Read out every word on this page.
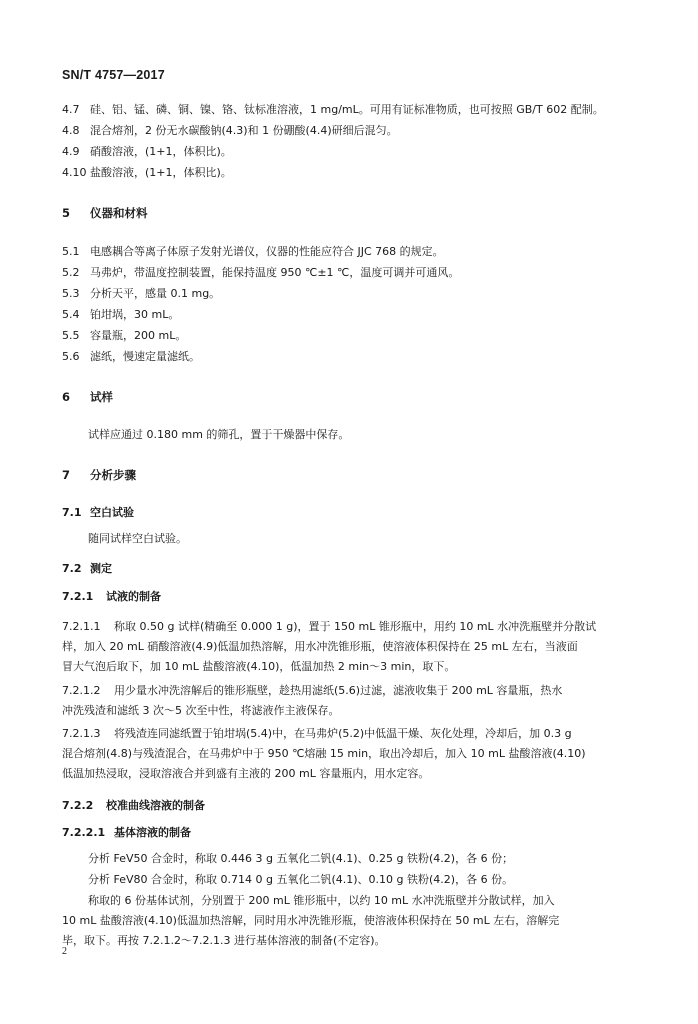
SN/T 4757—2017
4.7 硅、铝、锰、磷、铜、镍、铬、钛标准溶液，1 mg/mL。可用有证标准物质，也可按照 GB/T 602 配制。
4.8 混合熔剂，2 份无水碳酸钠(4.3)和 1 份硼酸(4.4)研细后混匀。
4.9 硝酸溶液，(1+1，体积比)。
4.10 盐酸溶液，(1+1，体积比)。
5 仪器和材料
5.1 电感耦合等离子体原子发射光谱仪，仪器的性能应符合 JJC 768 的规定。
5.2 马弗炉，带温度控制装置，能保持温度 950 ℃±1 ℃，温度可调并可通风。
5.3 分析天平，感量 0.1 mg。
5.4 铂坩埚，30 mL。
5.5 容量瓶，200 mL。
5.6 滤纸，慢速定量滤纸。
6 试样
试样应通过 0.180 mm 的筛孔，置于干燥器中保存。
7 分析步骤
7.1 空白试验
随同试样空白试验。
7.2 测定
7.2.1 试液的制备
7.2.1.1 称取 0.50 g 试样(精确至 0.000 1 g)，置于 150 mL 锥形瓶中，用约 10 mL 水冲洗瓶壁并分散试
样，加入 20 mL 硝酸溶液(4.9)低温加热溶解，用水冲洗锥形瓶，使溶液体积保持在 25 mL 左右，当液面
冒大气泡后取下，加 10 mL 盐酸溶液(4.10)，低温加热 2 min～3 min，取下。
7.2.1.2 用少量水冲洗溶解后的锥形瓶壁，趁热用滤纸(5.6)过滤，滤液收集于 200 mL 容量瓶，热水
冲洗残渣和滤纸 3 次～5 次至中性，将滤液作主液保存。
7.2.1.3 将残渣连同滤纸置于铂坩埚(5.4)中，在马弗炉(5.2)中低温干燥、灰化处理，冷却后，加 0.3 g
混合熔剂(4.8)与残渣混合，在马弗炉中于 950 ℃熔融 15 min，取出冷却后，加入 10 mL 盐酸溶液(4.10)
低温加热浸取，浸取溶液合并到盛有主液的 200 mL 容量瓶内，用水定容。
7.2.2 校准曲线溶液的制备
7.2.2.1 基体溶液的制备
分析 FeV50 合金时，称取 0.446 3 g 五氧化二钒(4.1)、0.25 g 铁粉(4.2)，各 6 份；
分析 FeV80 合金时，称取 0.714 0 g 五氧化二钒(4.1)、0.10 g 铁粉(4.2)，各 6 份。
称取的 6 份基体试剂，分别置于 200 mL 锥形瓶中，以约 10 mL 水冲洗瓶壁并分散试样，加入
10 mL 盐酸溶液(4.10)低温加热溶解，同时用水冲洗锥形瓶，使溶液体积保持在 50 mL 左右，溶解完
毕，取下。再按 7.2.1.2～7.2.1.3 进行基体溶液的制备(不定容)。
2
